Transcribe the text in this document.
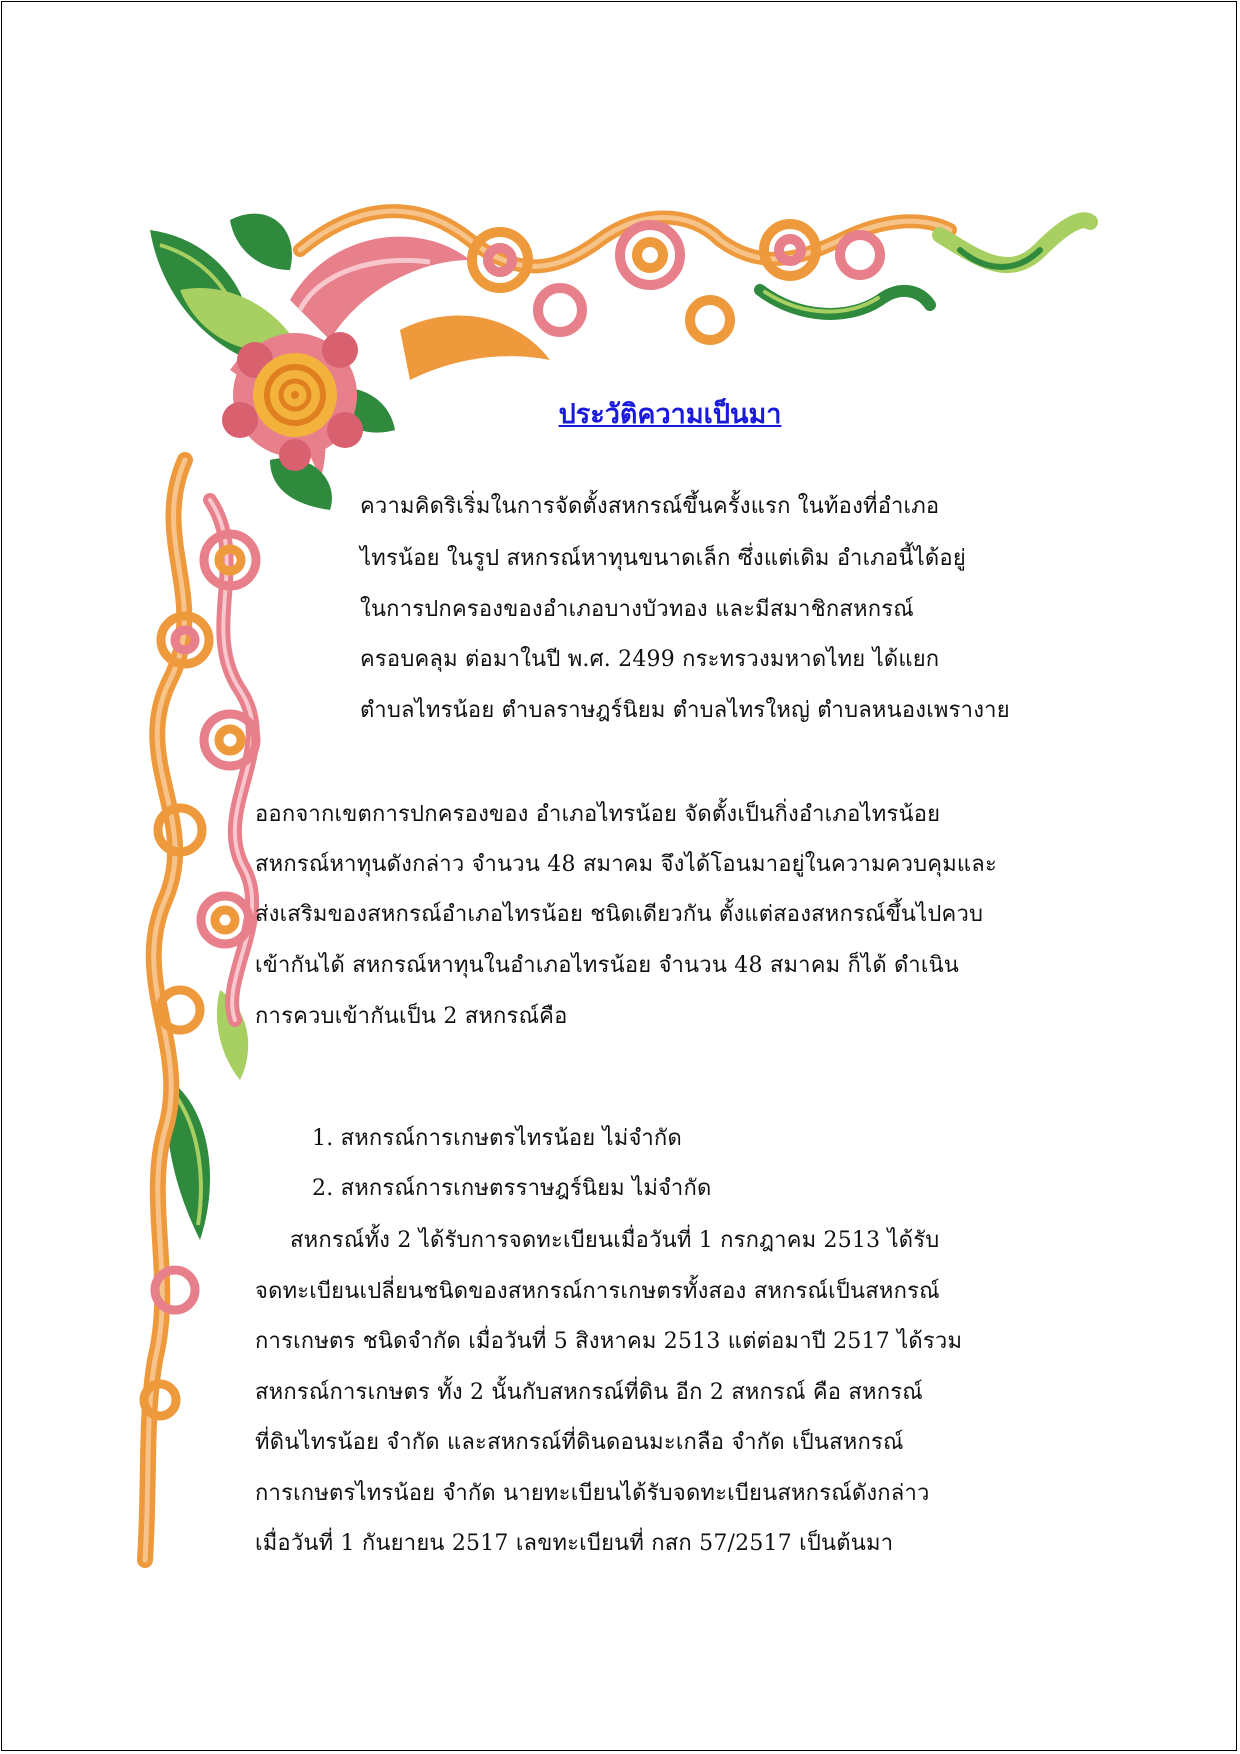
ประวัติความเป็นมา
ความคิดริเริ่มในการจัดตั้งสหกรณ์ขึ้นครั้งแรก ในท้องที่อำเภอ
ไทรน้อย ในรูป สหกรณ์หาทุนขนาดเล็ก ซึ่งแต่เดิม อำเภอนี้ได้อยู่
ในการปกครองของอำเภอบางบัวทอง และมีสมาชิกสหกรณ์
ครอบคลุม ต่อมาในปี พ.ศ. 2499 กระทรวงมหาดไทย ได้แยก
ตำบลไทรน้อย ตำบลราษฎร์นิยม ตำบลไทรใหญ่ ตำบลหนองเพรางาย
ออกจากเขตการปกครองของ อำเภอไทรน้อย จัดตั้งเป็นกิ่งอำเภอไทรน้อย
สหกรณ์หาทุนดังกล่าว จำนวน 48 สมาคม จึงได้โอนมาอยู่ในความควบคุมและ
ส่งเสริมของสหกรณ์อำเภอไทรน้อย ชนิดเดียวกัน ตั้งแต่สองสหกรณ์ขึ้นไปควบ
เข้ากันได้ สหกรณ์หาทุนในอำเภอไทรน้อย จำนวน 48 สมาคม ก็ได้ ดำเนิน
การควบเข้ากันเป็น 2 สหกรณ์คือ
1. สหกรณ์การเกษตรไทรน้อย ไม่จำกัด
2. สหกรณ์การเกษตรราษฎร์นิยม ไม่จำกัด
สหกรณ์ทั้ง 2 ได้รับการจดทะเบียนเมื่อวันที่ 1 กรกฎาคม 2513 ได้รับ
จดทะเบียนเปลี่ยนชนิดของสหกรณ์การเกษตรทั้งสอง สหกรณ์เป็นสหกรณ์
การเกษตร ชนิดจำกัด เมื่อวันที่ 5 สิงหาคม 2513 แต่ต่อมาปี 2517 ได้รวม
สหกรณ์การเกษตร ทั้ง 2 นั้นกับสหกรณ์ที่ดิน อีก 2 สหกรณ์ คือ สหกรณ์
ที่ดินไทรน้อย จำกัด และสหกรณ์ที่ดินดอนมะเกลือ จำกัด เป็นสหกรณ์
การเกษตรไทรน้อย จำกัด นายทะเบียนได้รับจดทะเบียนสหกรณ์ดังกล่าว
เมื่อวันที่ 1 กันยายน 2517 เลขทะเบียนที่ กสก 57/2517 เป็นต้นมา
